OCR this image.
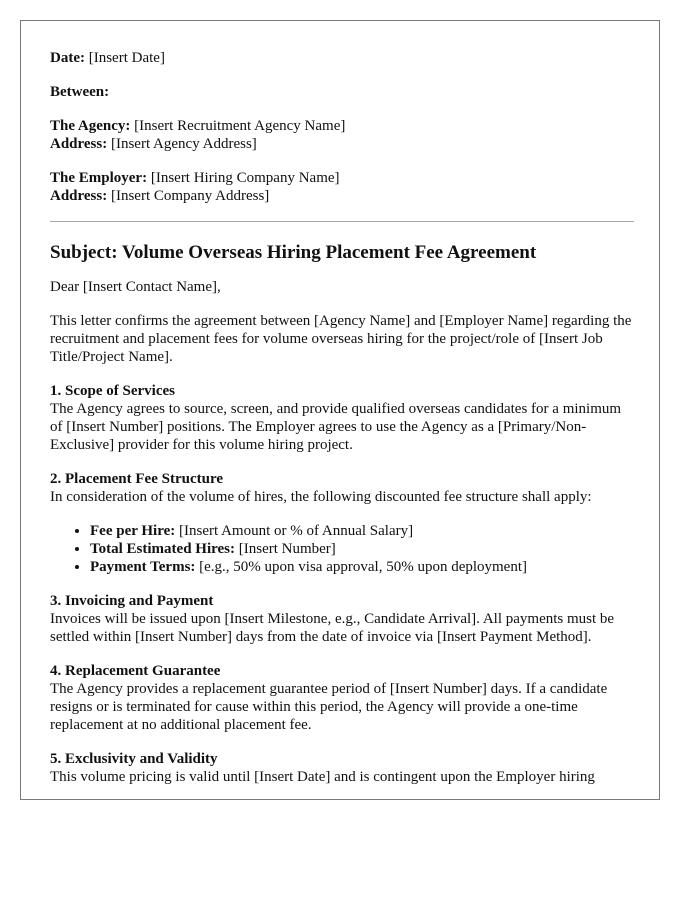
Date: [Insert Date]

Between:

The Agency: [Insert Recruitment Agency Name]
Address: [Insert Agency Address]

The Employer: [Insert Hiring Company Name]
Address: [Insert Company Address]

Subject: Volume Overseas Hiring Placement Fee Agreement

Dear [Insert Contact Name],

This letter confirms the agreement between [Agency Name] and [Employer Name] regarding the recruitment and placement fees for volume overseas hiring for the project/role of [Insert Job Title/Project Name].

1. Scope of Services
The Agency agrees to source, screen, and provide qualified overseas candidates for a minimum of [Insert Number] positions. The Employer agrees to use the Agency as a [Primary/Non-Exclusive] provider for this volume hiring project.

2. Placement Fee Structure
In consideration of the volume of hires, the following discounted fee structure shall apply:

• Fee per Hire: [Insert Amount or % of Annual Salary]
• Total Estimated Hires: [Insert Number]
• Payment Terms: [e.g., 50% upon visa approval, 50% upon deployment]

3. Invoicing and Payment
Invoices will be issued upon [Insert Milestone, e.g., Candidate Arrival]. All payments must be settled within [Insert Number] days from the date of invoice via [Insert Payment Method].

4. Replacement Guarantee
The Agency provides a replacement guarantee period of [Insert Number] days. If a candidate resigns or is terminated for cause within this period, the Agency will provide a one-time replacement at no additional placement fee.

5. Exclusivity and Validity
This volume pricing is valid until [Insert Date] and is contingent upon the Employer hiring
